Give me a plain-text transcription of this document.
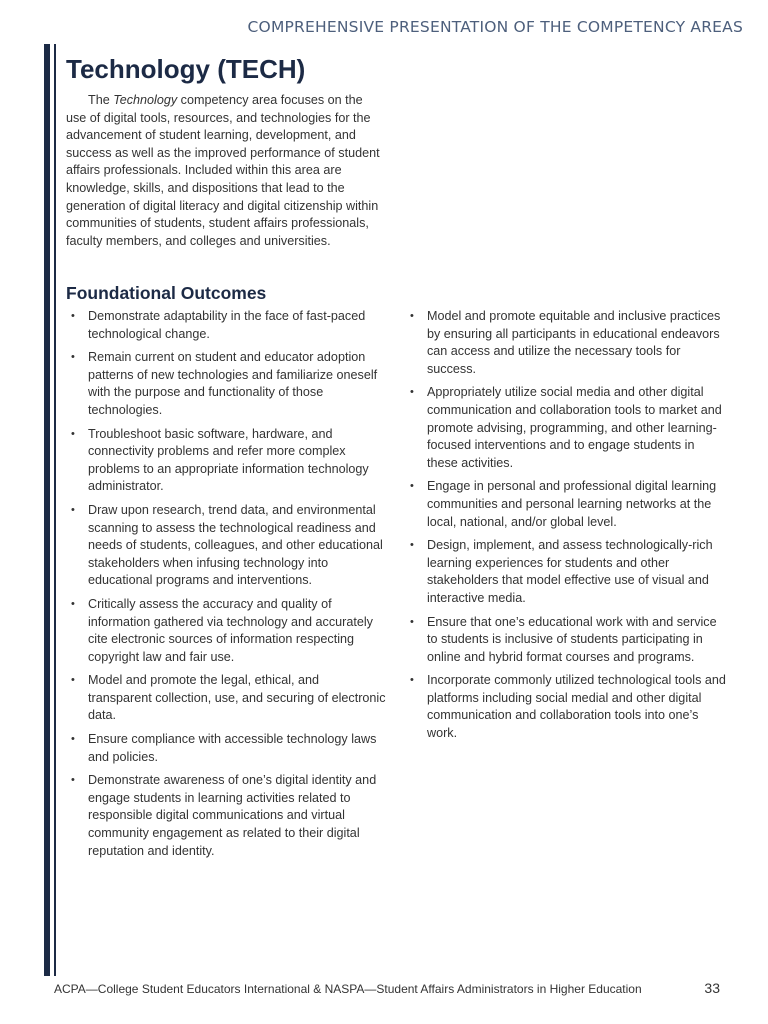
COMPREHENSIVE PRESENTATION OF THE COMPETENCY AREAS
Technology (TECH)

The Technology competency area focuses on the use of digital tools, resources, and technologies for the advancement of student learning, development, and success as well as the improved performance of student affairs professionals. Included within this area are knowledge, skills, and dispositions that lead to the generation of digital literacy and digital citizenship within communities of students, student affairs professionals, faculty members, and colleges and universities.

Foundational Outcomes
• Demonstrate adaptability in the face of fast-paced technological change.
• Remain current on student and educator adoption patterns of new technologies and familiarize oneself with the purpose and functionality of those technologies.
• Troubleshoot basic software, hardware, and connectivity problems and refer more complex problems to an appropriate information technology administrator.
• Draw upon research, trend data, and environmental scanning to assess the technological readiness and needs of students, colleagues, and other educational stakeholders when infusing technology into educational programs and interventions.
• Critically assess the accuracy and quality of information gathered via technology and accurately cite electronic sources of information respecting copyright law and fair use.
• Model and promote the legal, ethical, and transparent collection, use, and securing of electronic data.
• Ensure compliance with accessible technology laws and policies.
• Demonstrate awareness of one’s digital identity and engage students in learning activities related to responsible digital communications and virtual community engagement as related to their digital reputation and identity.
• Model and promote equitable and inclusive practices by ensuring all participants in educational endeavors can access and utilize the necessary tools for success.
• Appropriately utilize social media and other digital communication and collaboration tools to market and promote advising, programming, and other learning-focused interventions and to engage students in these activities.
• Engage in personal and professional digital learning communities and personal learning networks at the local, national, and/or global level.
• Design, implement, and assess technologically-rich learning experiences for students and other stakeholders that model effective use of visual and interactive media.
• Ensure that one’s educational work with and service to students is inclusive of students participating in online and hybrid format courses and programs.
• Incorporate commonly utilized technological tools and platforms including social medial and other digital communication and collaboration tools into one’s work.
ACPA—College Student Educators International & NASPA—Student Affairs Administrators in Higher Education	33
